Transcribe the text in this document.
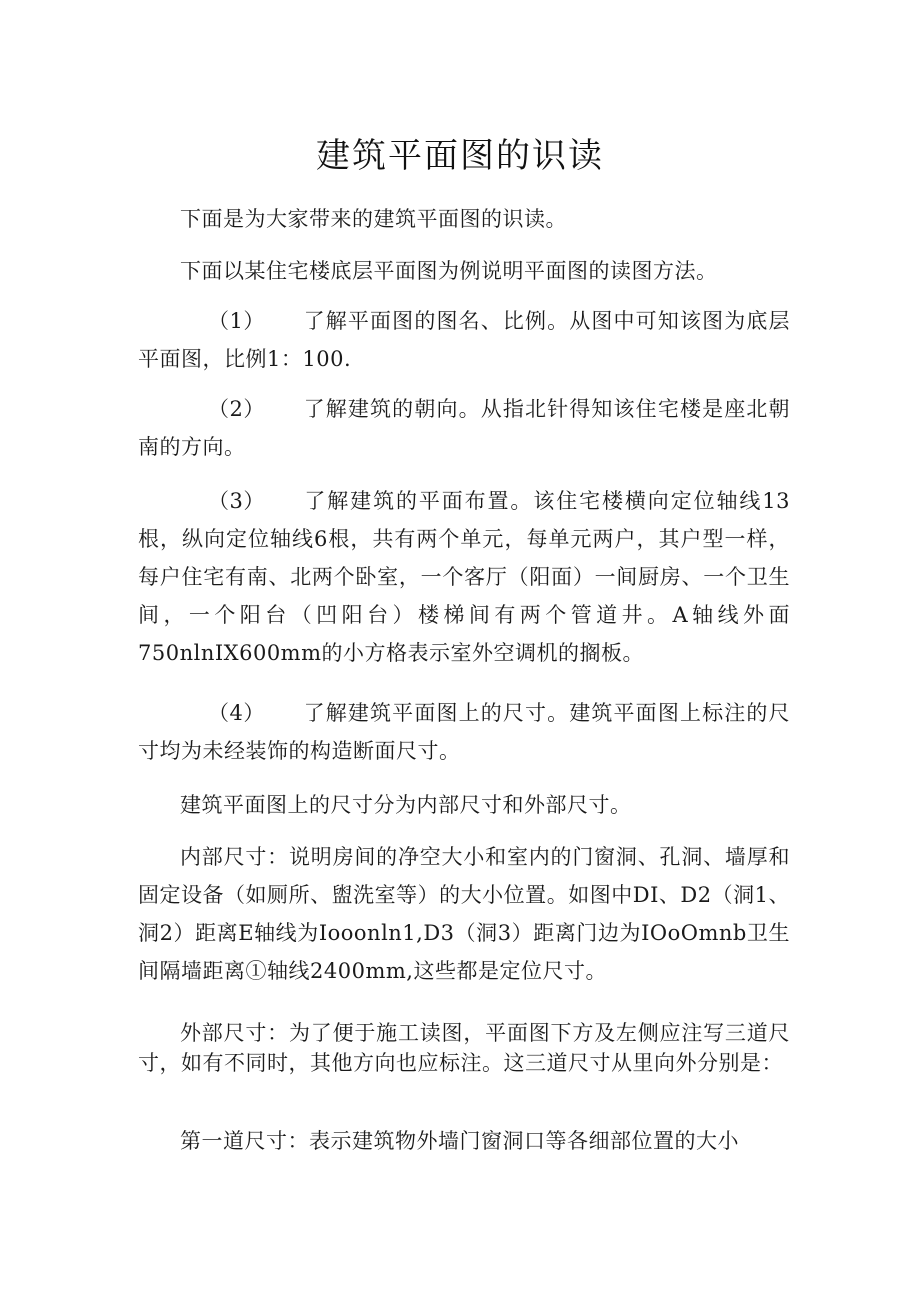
建筑平面图的识读

下面是为大家带来的建筑平面图的识读。

下面以某住宅楼底层平面图为例说明平面图的读图方法。

（1） 了解平面图的图名、比例。从图中可知该图为底层平面图，比例1：100.

（2） 了解建筑的朝向。从指北针得知该住宅楼是座北朝南的方向。

（3） 了解建筑的平面布置。该住宅楼横向定位轴线13根，纵向定位轴线6根，共有两个单元，每单元两户，其户型一样，每户住宅有南、北两个卧室，一个客厅（阳面）一间厨房、一个卫生间，一个阳台（凹阳台）楼梯间有两个管道井。A轴线外面750nlnIX600mm的小方格表示室外空调机的搁板。

（4） 了解建筑平面图上的尺寸。建筑平面图上标注的尺寸均为未经装饰的构造断面尺寸。

建筑平面图上的尺寸分为内部尺寸和外部尺寸。

内部尺寸：说明房间的净空大小和室内的门窗洞、孔洞、墙厚和固定设备（如厕所、盥洗室等）的大小位置。如图中DI、D2（洞1、洞2）距离E轴线为Iooonln1,D3（洞3）距离门边为IOoOmnb卫生间隔墙距离①轴线2400mm,这些都是定位尺寸。

外部尺寸：为了便于施工读图，平面图下方及左侧应注写三道尺寸，如有不同时，其他方向也应标注。这三道尺寸从里向外分别是：

第一道尺寸：表示建筑物外墙门窗洞口等各细部位置的大小
